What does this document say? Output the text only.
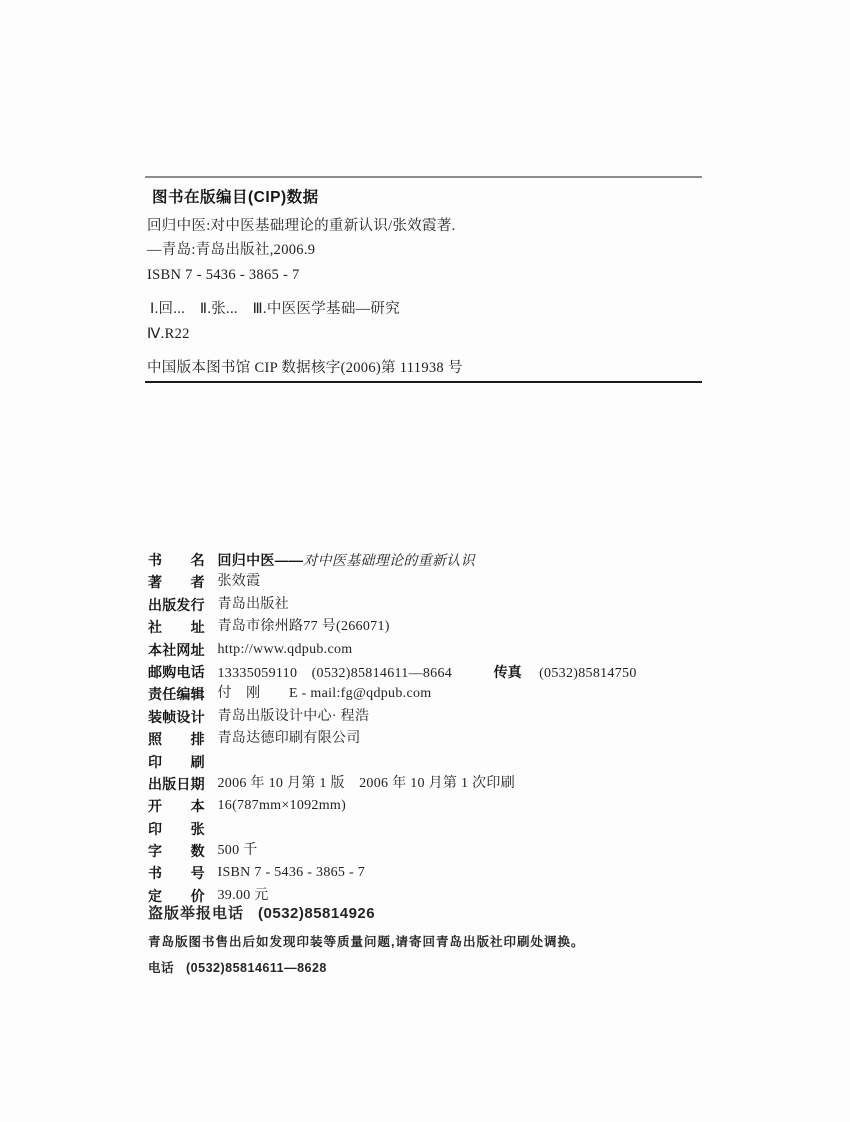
图书在版编目(CIP)数据
回归中医:对中医基础理论的重新认识/张效霞著.
—青岛:青岛出版社,2006.9
ISBN 7 - 5436 - 3865 - 7
Ⅰ.回...　Ⅱ.张...　Ⅲ.中医医学基础—研究
Ⅳ.R22
中国版本图书馆 CIP 数据核字(2006)第 111938 号
书　　名 回归中医——对中医基础理论的重新认识
著　　者 张效霞
出版发行 青岛出版社
社　　址 青岛市徐州路77 号(266071)
本社网址 http://www.qdpub.com
邮购电话 13335059110　(0532)85814611—8664	传真 (0532)85814750
责任编辑 付　刚　　E - mail:fg@qdpub.com
装帧设计 青岛出版设计中心· 程浩
照　　排 青岛达德印刷有限公司
印　　刷
出版日期 2006 年 10 月第 1 版　2006 年 10 月第 1 次印刷
开　　本 16(787mm×1092mm)
印　　张
字　　数 500 千
书　　号 ISBN 7 - 5436 - 3865 - 7
定　　价 39.00 元
盗版举报电话 (0532)85814926
青岛版图书售出后如发现印装等质量问题,请寄回青岛出版社印刷处调换。
电话 (0532)85814611—8628
